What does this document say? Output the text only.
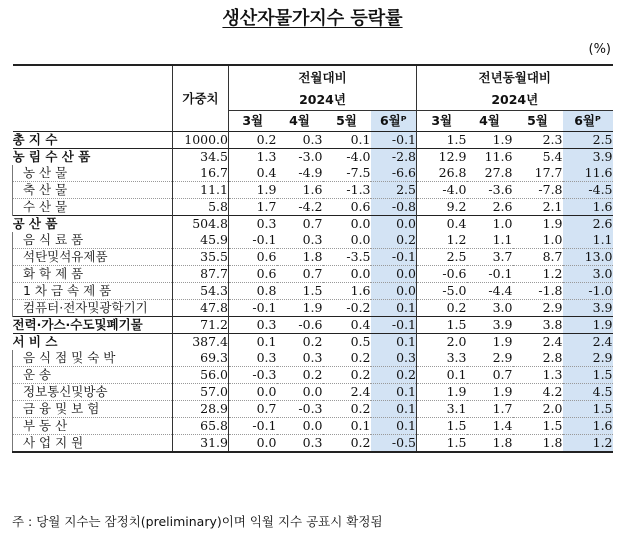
생산자물가지수 등락률
(%)
	가중치	전월대비				전년동월대비			
		2024년				2024년			
		3월	4월	5월	6월ᴾ	3월	4월	5월	6월ᴾ
총 지 수	1000.0	0.2	0.3	0.1	-0.1	1.5	1.9	2.3	2.5
농 림 수 산 품	34.5	1.3	-3.0	-4.0	-2.8	12.9	11.6	5.4	3.9
농 산 물	16.7	0.4	-4.9	-7.5	-6.6	26.8	27.8	17.7	11.6
축 산 물	11.1	1.9	1.6	-1.3	2.5	-4.0	-3.6	-7.8	-4.5
수 산 물	5.8	1.7	-4.2	0.6	-0.8	9.2	2.6	2.1	1.6
공 산 품	504.8	0.3	0.7	0.0	0.0	0.4	1.0	1.9	2.6
음 식 료 품	45.9	-0.1	0.3	0.0	0.2	1.2	1.1	1.0	1.1
석탄및석유제품	35.5	0.6	1.8	-3.5	-0.1	2.5	3.7	8.7	13.0
화 학 제 품	87.7	0.6	0.7	0.0	0.0	-0.6	-0.1	1.2	3.0
1 차 금 속 제 품	54.3	0.8	1.5	1.6	0.0	-5.0	-4.4	-1.8	-1.0
컴퓨터·전자및광학기기	47.8	-0.1	1.9	-0.2	0.1	0.2	3.0	2.9	3.9
전력·가스·수도및폐기물	71.2	0.3	-0.6	0.4	-0.1	1.5	3.9	3.8	1.9
서 비 스	387.4	0.1	0.2	0.5	0.1	2.0	1.9	2.4	2.4
음 식 점 및 숙 박	69.3	0.3	0.3	0.2	0.3	3.3	2.9	2.8	2.9
운 송	56.0	-0.3	0.2	0.2	0.2	0.1	0.7	1.3	1.5
정보통신및방송	57.0	0.0	0.0	2.4	0.1	1.9	1.9	4.2	4.5
금 융 및 보 험	28.9	0.7	-0.3	0.2	0.1	3.1	1.7	2.0	1.5
부 동 산	65.8	-0.1	0.0	0.1	0.1	1.5	1.4	1.5	1.6
사 업 지 원	31.9	0.0	0.3	0.2	-0.5	1.5	1.8	1.8	1.2
주 : 당월 지수는 잠정치(preliminary)이며 익월 지수 공표시 확정됨
